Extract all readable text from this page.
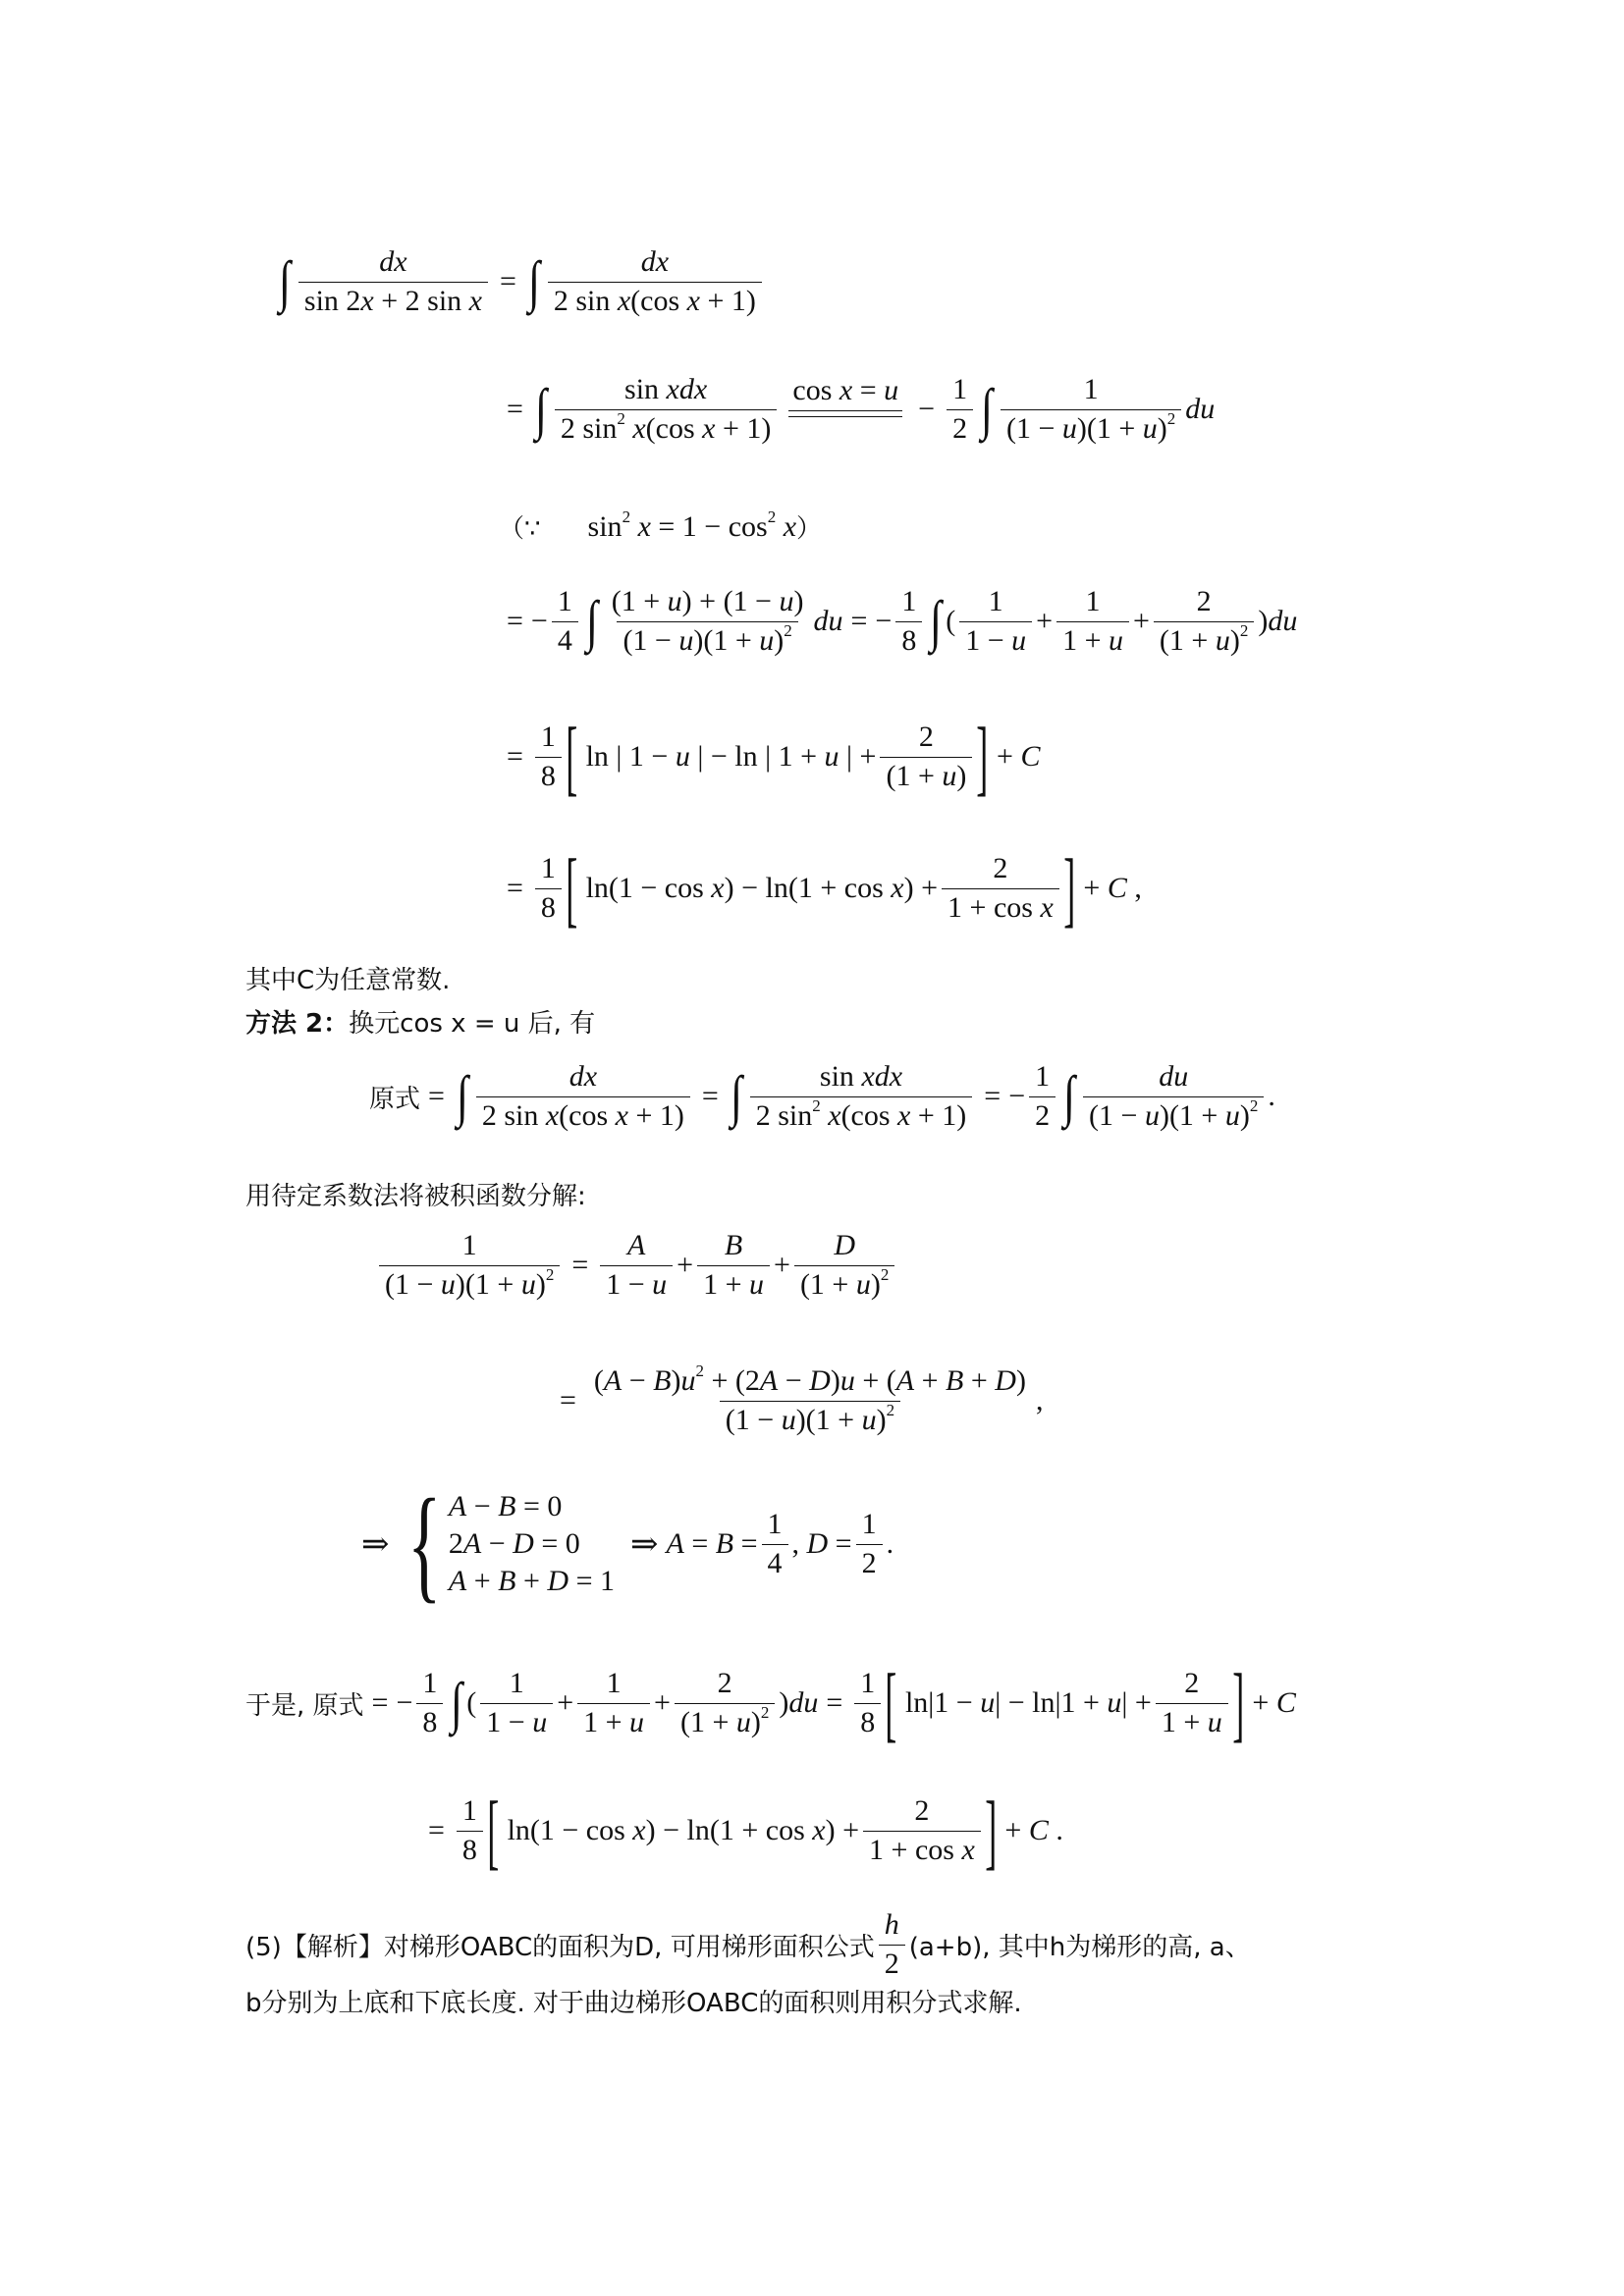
∫ $\frac{dx}{\text{sin 2x + 2 sin x}}$ = ∫ $\frac{dx}{\text{2 sin x(cos x + 1)}}$
= ∫ $\frac{\text{sin xdx}}{2 \sin^2 x(\cos x + 1)}$ cos x = u
− $\frac{1}{2}$ ∫ $\frac{1}{(1 - u)(1 + u)^2}$ du
（∵ $\sin^2 x = 1 - \cos^2 x$ ）
= − $\frac{1}{4}$ ∫ $\frac{(1 + u) + (1 - u)}{(1 - u)(1 + u)^2}$ du = − $\frac{1}{8}$ ∫ ( $\frac{1}{1 - u} + \frac{1}{1 + u} + \frac{2}{(1 + u)^2}$ ) du
= $\frac{1}{8}$ [ ln | 1 − u | − ln | 1 + u | + $\frac{2}{(1 + u)}$ ] + C
= $\frac{1}{8}$ [ $\ln(1 - \cos x) - \ln(1 + \cos x) + \frac{2}{\text{1 + cos x}}$ ] + C ,
其中C为任意常数.
方法 2： 换元cos x = u 后, 有
原式 = ∫ $\frac{dx}{\text{2 sin x(cos x + 1)}}$ = ∫ $\frac{\text{sin xdx}}{2 \sin^2 x(\cos x + 1)}$ = − $\frac{1}{2}$ ∫ $\frac{du}{(1 - u)(1 + u)^2}$ .
用待定系数法将被积函数分解:
$\frac{1}{(1 - u)(1 + u)^2} = \frac{A}{1 - u} + \frac{B}{1 + u} + \frac{D}{(1 + u)^2}$
= $\frac{(A - B)u^2 + (2A - D)u + (A + B + D)}{(1 - u)(1 + u)^2}$ ,
⇒ { A − B = 0
2A − D = 0
A + B + D = 1
⇒ $A = B = \frac{1}{4}$ , $D = \frac{1}{2}$ .
于是, 原式 = − $\frac{1}{8}$ ∫ ( $\frac{1}{1 - u} + \frac{1}{1 + u} + \frac{2}{(1 + u)^2}$ ) du = $\frac{1}{8}$ [ $\ln|1 - u| - \ln|1 + u| + \frac{2}{1 + u}$ ] + C
= $\frac{1}{8}$ [ $\ln(1 - \cos x) - \ln(1 + \cos x) + \frac{2}{\text{1 + cos x}}$ ] + C .
(5)【解析】对梯形OABC的面积为D, 可用梯形面积公式 $\frac{h}{2} (a+b)$, 其中h为梯形的高, a、
b分别为上底和下底长度. 对于曲边梯形OABC的面积则用积分式求解.
